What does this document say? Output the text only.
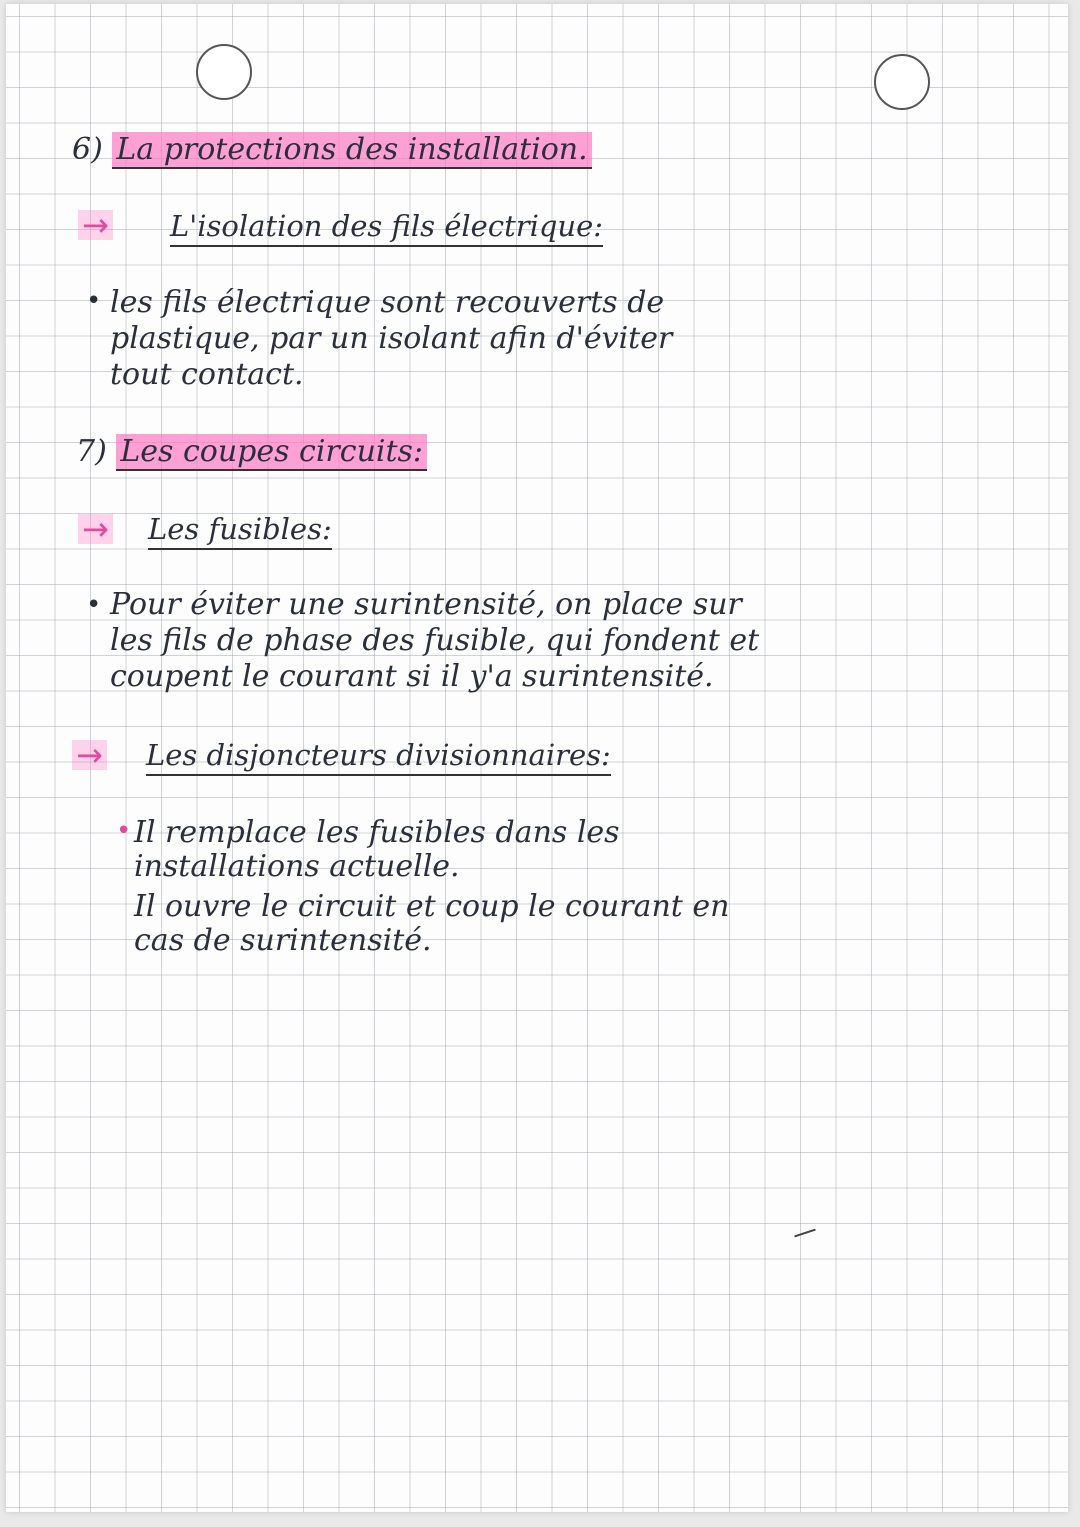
6) La protections des installation.
→ L'isolation des fils électrique:
• les fils électrique sont recouverts de
plastique, par un isolant afin d'éviter
tout contact.
7) Les coupes circuits:
→ Les fusibles:
• Pour éviter une surintensité, on place sur
les fils de phase des fusible, qui fondent et
coupent le courant si il y'a surintensité.
→ Les disjoncteurs divisionnaires:
• Il remplace les fusibles dans les
installations actuelle.
Il ouvre le circuit et coup le courant en
cas de surintensité.
